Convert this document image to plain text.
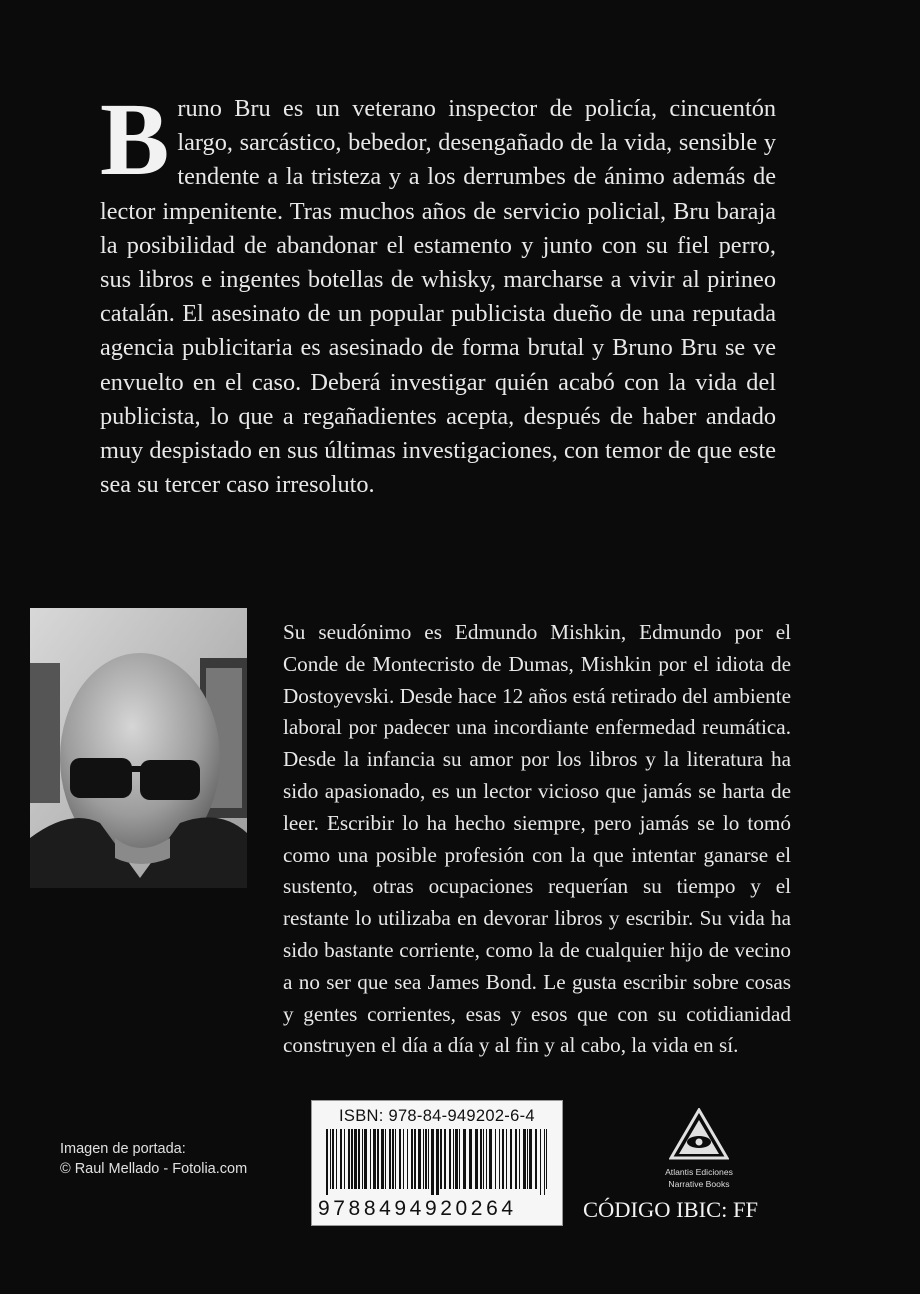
B runo Bru es un veterano inspector de policía, cincuentón largo, sarcástico, bebedor, desengañado de la vida, sensible y tendente a la tristeza y a los derrumbes de ánimo además de lector impenitente. Tras muchos años de servicio policial, Bru baraja la posibilidad de abandonar el estamento y junto con su fiel perro, sus libros e ingentes botellas de whisky, marcharse a vivir al pirineo catalán. El asesinato de un popular publicista dueño de una reputada agencia publicitaria es asesinado de forma brutal y Bruno Bru se ve envuelto en el caso. Deberá investigar quién acabó con la vida del publicista, lo que a regañadientes acepta, después de haber andado muy despistado en sus últimas investigaciones, con temor de que este sea su tercer caso irresoluto.
Su seudónimo es Edmundo Mishkin, Edmundo por el Conde de Montecristo de Dumas, Mishkin por el idiota de Dostoyevski. Desde hace 12 años está retirado del ambiente laboral por padecer una incordiante enfermedad reumática. Desde la infancia su amor por los libros y la literatura ha sido apasionado, es un lector vicioso que jamás se harta de leer. Escribir lo ha hecho siempre, pero jamás se lo tomó como una posible profesión con la que intentar ganarse el sustento, otras ocupaciones requerían su tiempo y el restante lo utilizaba en devorar libros y escribir. Su vida ha sido bastante corriente, como la de cualquier hijo de vecino a no ser que sea James Bond. Le gusta escribir sobre cosas y gentes corrientes, esas y esos que con su cotidianidad construyen el día a día y al fin y al cabo, la vida en sí.
Imagen de portada:
© Raul Mellado - Fotolia.com
ISBN: 978-84-949202-6-4
9788494920264
Atlantis Ediciones
Narrative Books
CÓDIGO IBIC: FF
